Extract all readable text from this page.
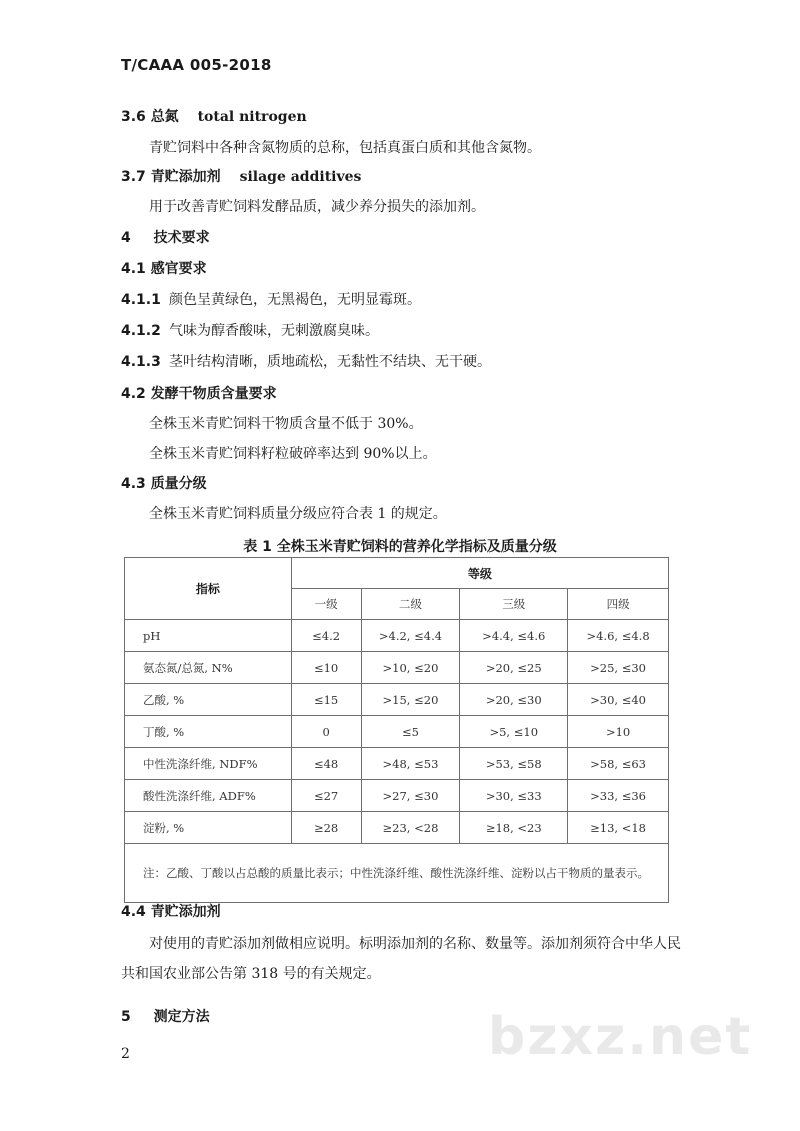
T/CAAA 005-2018
3.6 总氮 total nitrogen
青贮饲料中各种含氮物质的总称，包括真蛋白质和其他含氮物。
3.7 青贮添加剂 silage additives
用于改善青贮饲料发酵品质，减少养分损失的添加剂。
4 技术要求
4.1 感官要求
4.1.1 颜色呈黄绿色，无黑褐色，无明显霉斑。
4.1.2 气味为醇香酸味，无刺激腐臭味。
4.1.3 茎叶结构清晰，质地疏松，无黏性不结块、无干硬。
4.2 发酵干物质含量要求
全株玉米青贮饲料干物质含量不低于 30%。
全株玉米青贮饲料籽粒破碎率达到 90%以上。
4.3 质量分级
全株玉米青贮饲料质量分级应符合表 1 的规定。
表 1 全株玉米青贮饲料的营养化学指标及质量分级
指标	等级			
	一级	二级	三级	四级
pH	≤4.2	>4.2, ≤4.4	>4.4, ≤4.6	>4.6, ≤4.8
氨态氮/总氮, N%	≤10	>10, ≤20	>20, ≤25	>25, ≤30
乙酸, %	≤15	>15, ≤20	>20, ≤30	>30, ≤40
丁酸, %	0	≤5	>5, ≤10	>10
中性洗涤纤维, NDF%	≤48	>48, ≤53	>53, ≤58	>58, ≤63
酸性洗涤纤维, ADF%	≤27	>27, ≤30	>30, ≤33	>33, ≤36
淀粉, %	≥28	≥23, <28	≥18, <23	≥13, <18
注：乙酸、丁酸以占总酸的质量比表示；中性洗涤纤维、酸性洗涤纤维、淀粉以占干物质的量表示。				
4.4 青贮添加剂
对使用的青贮添加剂做相应说明。标明添加剂的名称、数量等。添加剂须符合中华人民共和国农业部公告第 318 号的有关规定。
5 测定方法
2	bzxz.net
